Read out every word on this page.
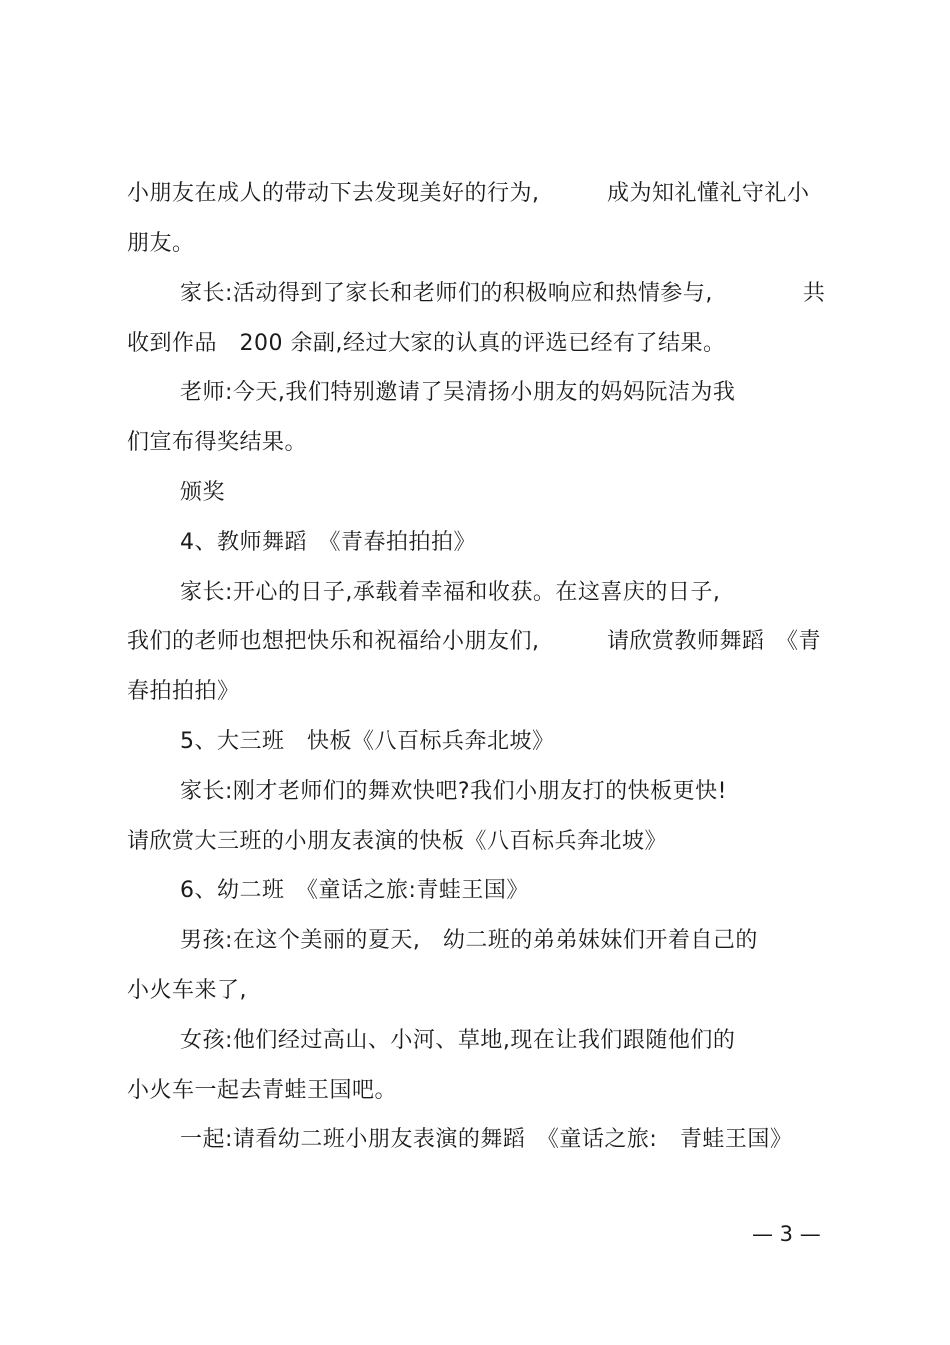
小朋友在成人的带动下去发现美好的行为,　　　成为知礼懂礼守礼小
朋友。
家长:活动得到了家长和老师们的积极响应和热情参与,　　　　共
收到作品　200 余副,经过大家的认真的评选已经有了结果。
老师:今天,我们特别邀请了吴清扬小朋友的妈妈阮洁为我
们宣布得奖结果。
颁奖
4、教师舞蹈　《青春拍拍拍》
家长:开心的日子,承载着幸福和收获。在这喜庆的日子,
我们的老师也想把快乐和祝福给小朋友们,　　　请欣赏教师舞蹈　《青
春拍拍拍》
5、大三班　快板《八百标兵奔北坡》
家长:刚才老师们的舞欢快吧?我们小朋友打的快板更快!
请欣赏大三班的小朋友表演的快板《八百标兵奔北坡》
6、幼二班　《童话之旅:青蛙王国》
男孩:在这个美丽的夏天,　幼二班的弟弟妹妹们开着自己的
小火车来了,
女孩:他们经过高山、小河、草地,现在让我们跟随他们的
小火车一起去青蛙王国吧。
一起:请看幼二班小朋友表演的舞蹈　《童话之旅:　青蛙王国》
— 3 —
